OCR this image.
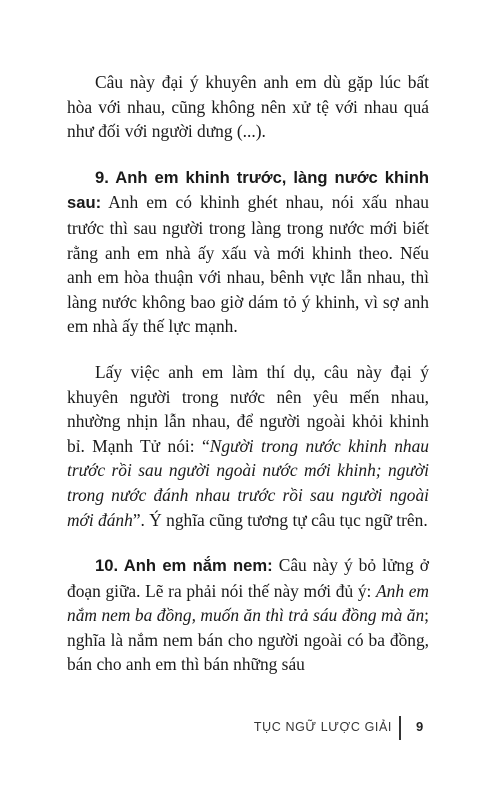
Câu này đại ý khuyên anh em dù gặp lúc bất hòa với nhau, cũng không nên xử tệ với nhau quá như đối với người dưng (...).

9. Anh em khinh trước, làng nước khinh sau: Anh em có khinh ghét nhau, nói xấu nhau trước thì sau người trong làng trong nước mới biết rằng anh em nhà ấy xấu và mới khinh theo. Nếu anh em hòa thuận với nhau, bênh vực lẫn nhau, thì làng nước không bao giờ dám tỏ ý khinh, vì sợ anh em nhà ấy thế lực mạnh.

Lấy việc anh em làm thí dụ, câu này đại ý khuyên người trong nước nên yêu mến nhau, nhường nhịn lẫn nhau, để người ngoài khỏi khinh bỉ. Mạnh Tử nói: “Người trong nước khinh nhau trước rồi sau người ngoài nước mới khinh; người trong nước đánh nhau trước rồi sau người ngoài mới đánh”. Ý nghĩa cũng tương tự câu tục ngữ trên.

10. Anh em nắm nem: Câu này ý bỏ lửng ở đoạn giữa. Lẽ ra phải nói thế này mới đủ ý: Anh em nắm nem ba đồng, muốn ăn thì trả sáu đồng mà ăn; nghĩa là nắm nem bán cho người ngoài có ba đồng, bán cho anh em thì bán những sáu

TỤC NGỮ LƯỢC GIẢI 9
